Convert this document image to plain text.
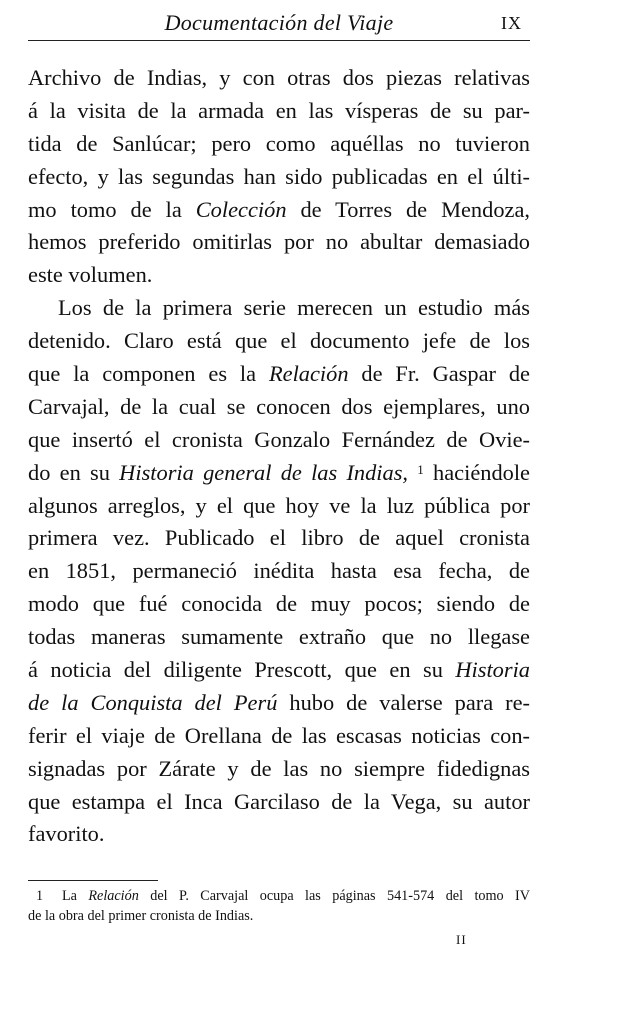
Documentación del Viaje	IX
Archivo de Indias, y con otras dos piezas relativas
á la visita de la armada en las vísperas de su par-
tida de Sanlúcar; pero como aquéllas no tuvieron
efecto, y las segundas han sido publicadas en el últi-
mo tomo de la Colección de Torres de Mendoza,
hemos preferido omitirlas por no abultar demasiado
este volumen.
Los de la primera serie merecen un estudio más
detenido. Claro está que el documento jefe de los
que la componen es la Relación de Fr. Gaspar de
Carvajal, de la cual se conocen dos ejemplares, uno
que insertó el cronista Gonzalo Fernández de Ovie-
do en su Historia general de las Indias, $^1$ haciéndole
algunos arreglos, y el que hoy ve la luz pública por
primera vez. Publicado el libro de aquel cronista
en 1851, permaneció inédita hasta esa fecha, de
modo que fué conocida de muy pocos; siendo de
todas maneras sumamente extraño que no llegase
á noticia del diligente Prescott, que en su Historia
de la Conquista del Perú hubo de valerse para re-
ferir el viaje de Orellana de las escasas noticias con-
signadas por Zárate y de las no siempre fidedignas
que estampa el Inca Garcilaso de la Vega, su autor
favorito.
1 La Relación del P. Carvajal ocupa las páginas 541-574 del tomo IV
de la obra del primer cronista de Indias.
II
